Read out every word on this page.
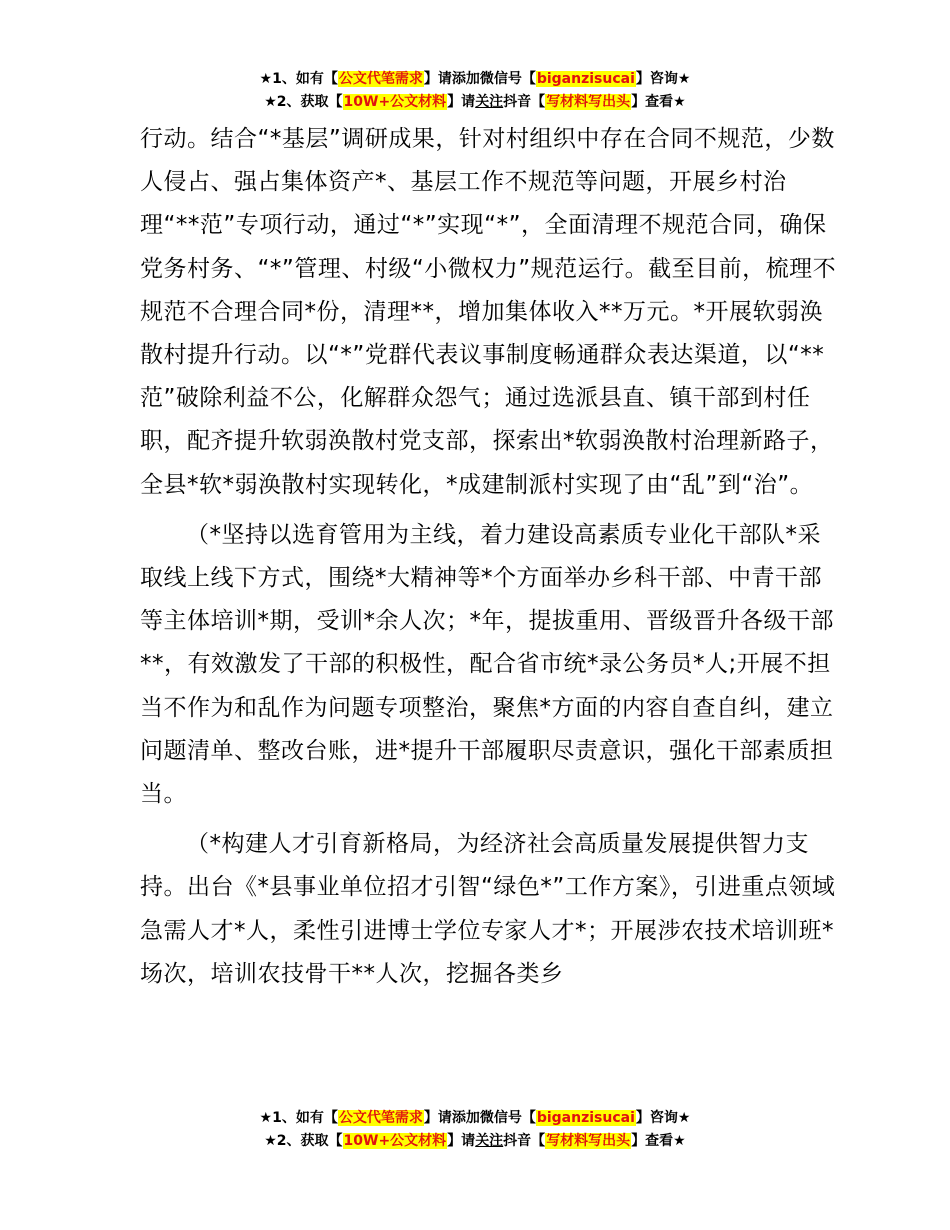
★1、如有【公文代笔需求】请添加微信号【biganzisucai】咨询★
★2、获取【10W+公文材料】请关注抖音【写材料写出头】查看★

行动。结合“*基层”调研成果，针对村组织中存在合同不规范，少数人侵占、强占集体资产*、基层工作不规范等问题，开展乡村治理“**范”专项行动，通过“*”实现“*”，全面清理不规范合同，确保党务村务、“*”管理、村级“小微权力”规范运行。截至目前，梳理不规范不合理合同*份，清理**，增加集体收入**万元。*开展软弱涣散村提升行动。以“*”党群代表议事制度畅通群众表达渠道，以“**范”破除利益不公，化解群众怨气；通过选派县直、镇干部到村任职，配齐提升软弱涣散村党支部，探索出*软弱涣散村治理新路子，全县*软*弱涣散村实现转化，*成建制派村实现了由“乱”到“治”。

（*坚持以选育管用为主线，着力建设高素质专业化干部队*采取线上线下方式，围绕*大精神等*个方面举办乡科干部、中青干部等主体培训*期，受训*余人次；*年，提拔重用、晋级晋升各级干部**，有效激发了干部的积极性，配合省市统*录公务员*人;开展不担当不作为和乱作为问题专项整治，聚焦*方面的内容自查自纠，建立问题清单、整改台账，进*提升干部履职尽责意识，强化干部素质担当。

（*构建人才引育新格局，为经济社会高质量发展提供智力支持。出台《*县事业单位招才引智“绿色*”工作方案》，引进重点领域急需人才*人，柔性引进博士学位专家人才*；开展涉农技术培训班*场次，培训农技骨干**人次，挖掘各类乡

★1、如有【公文代笔需求】请添加微信号【biganzisucai】咨询★
★2、获取【10W+公文材料】请关注抖音【写材料写出头】查看★
